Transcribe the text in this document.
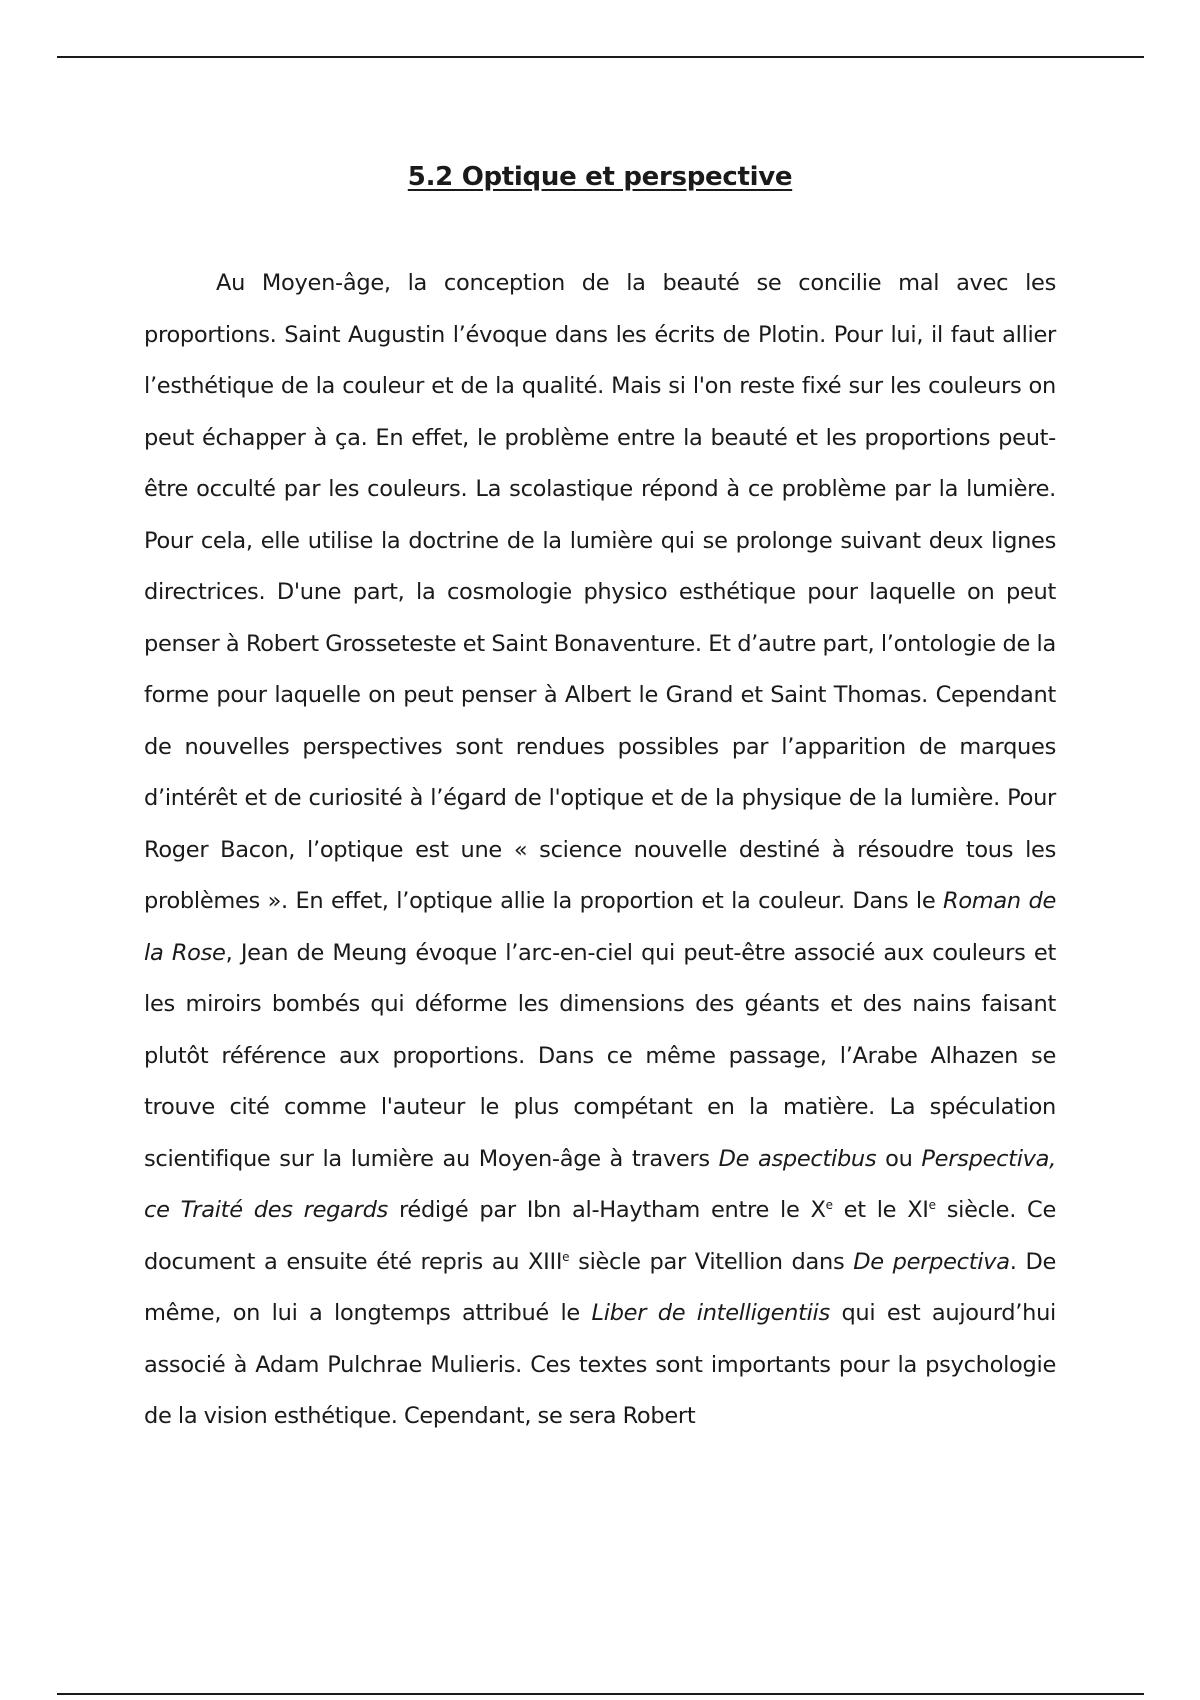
5.2 Optique et perspective

Au Moyen-âge, la conception de la beauté se concilie mal avec les proportions. Saint Augustin l’évoque dans les écrits de Plotin. Pour lui, il faut allier l’esthétique de la couleur et de la qualité. Mais si l'on reste fixé sur les couleurs on peut échapper à ça. En effet, le problème entre la beauté et les proportions peut-être occulté par les couleurs. La scolastique répond à ce problème par la lumière. Pour cela, elle utilise la doctrine de la lumière qui se prolonge suivant deux lignes directrices. D'une part, la cosmologie physico esthétique pour laquelle on peut penser à Robert Grosseteste et Saint Bonaventure. Et d’autre part, l’ontologie de la forme pour laquelle on peut penser à Albert le Grand et Saint Thomas. Cependant de nouvelles perspectives sont rendues possibles par l’apparition de marques d’intérêt et de curiosité à l’égard de l'optique et de la physique de la lumière. Pour Roger Bacon, l’optique est une « science nouvelle destiné à résoudre tous les problèmes ». En effet, l’optique allie la proportion et la couleur. Dans le Roman de la Rose, Jean de Meung évoque l’arc-en-ciel qui peut-être associé aux couleurs et les miroirs bombés qui déforme les dimensions des géants et des nains faisant plutôt référence aux proportions. Dans ce même passage, l’Arabe Alhazen se trouve cité comme l'auteur le plus compétant en la matière. La spéculation scientifique sur la lumière au Moyen-âge à travers De aspectibus ou Perspectiva, ce Traité des regards rédigé par Ibn al-Haytham entre le Xe et le XIe siècle. Ce document a ensuite été repris au XIIIe siècle par Vitellion dans De perpectiva. De même, on lui a longtemps attribué le Liber de intelligentiis qui est aujourd’hui associé à Adam Pulchrae Mulieris. Ces textes sont importants pour la psychologie de la vision esthétique. Cependant, se sera Robert
